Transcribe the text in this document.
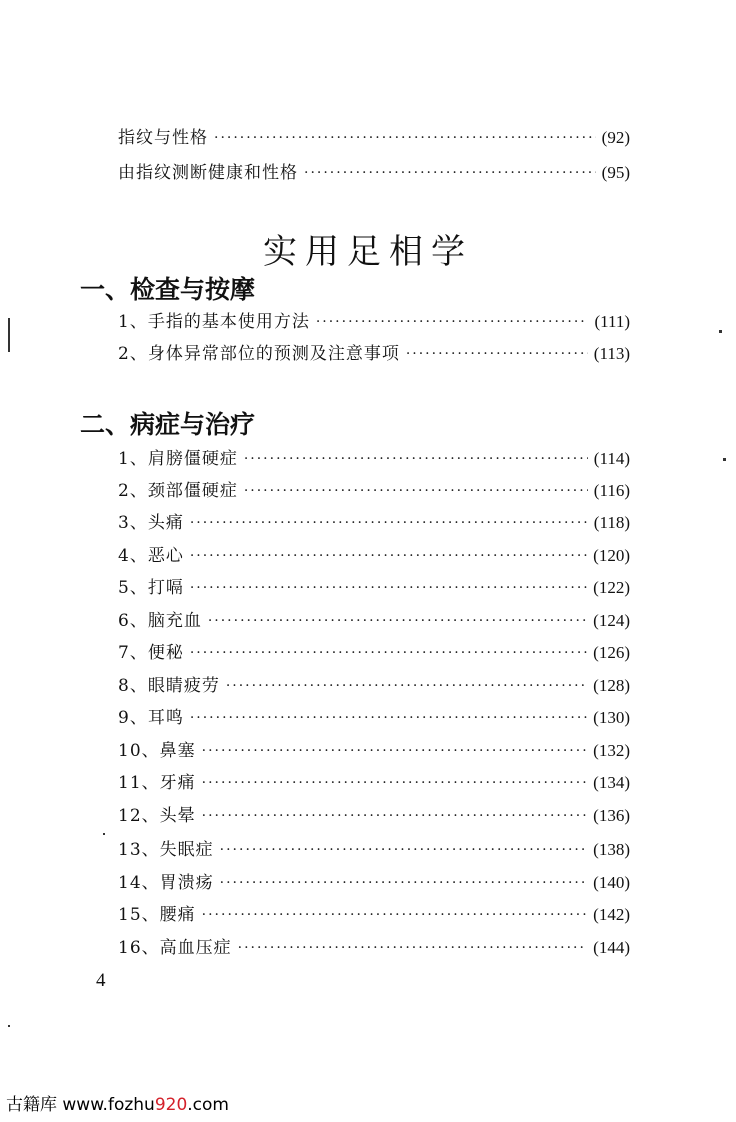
指纹与性格 ·····	(92)
由指纹测断健康和性格 ·····	(95)
实用足相学
一、检查与按摩
1、手指的基本使用方法 ·····	(111)
2、身体异常部位的预测及注意事项 ·····	(113)
二、病症与治疗
1、肩膀僵硬症 ·····	(114)
2、颈部僵硬症 ·····	(116)
3、头痛 ·····	(118)
4、恶心 ·····	(120)
5、打嗝 ·····	(122)
6、脑充血 ·····	(124)
7、便秘 ·····	(126)
8、眼睛疲劳 ·····	(128)
9、耳鸣 ·····	(130)
10、鼻塞 ·····	(132)
11、牙痛 ·····	(134)
12、头晕 ·····	(136)
13、失眠症 ·····	(138)
14、胃溃疡 ·····	(140)
15、腰痛 ·····	(142)
16、高血压症 ·····	(144)
4
古籍库 www.fozhu920.com
